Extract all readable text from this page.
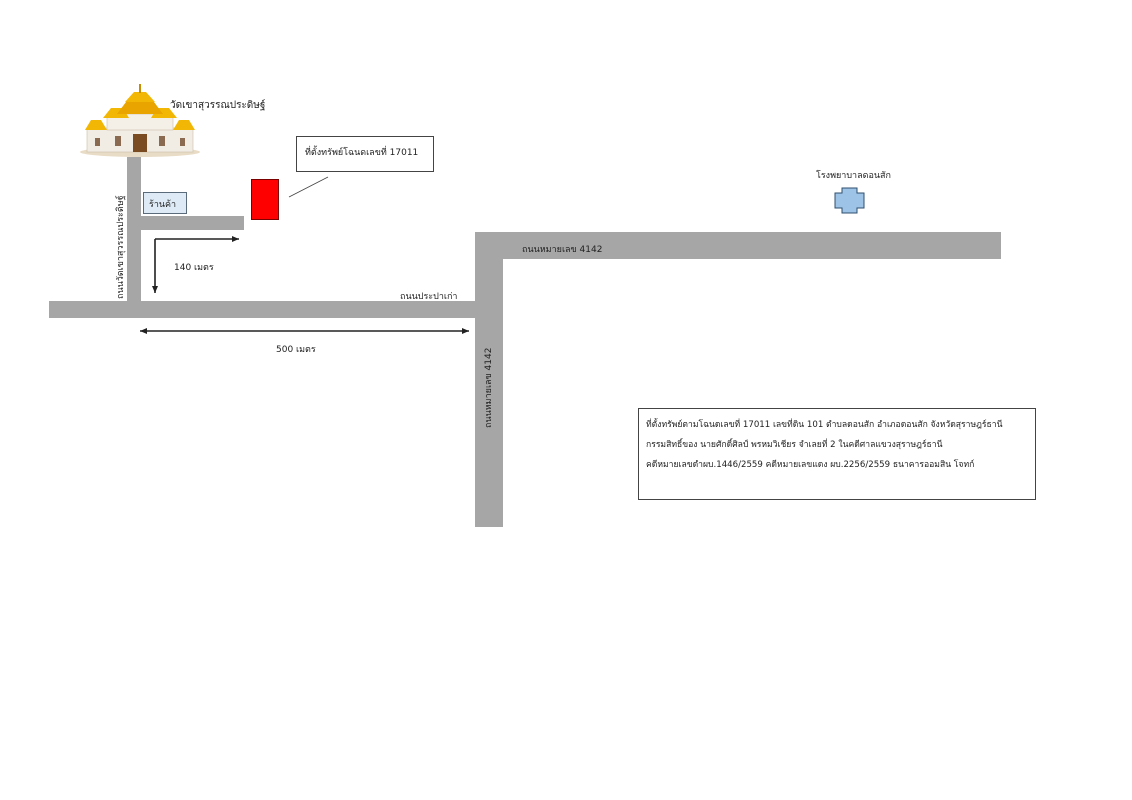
วัดเขาสุวรรณประดิษฐ์
ถนนวัดเขาสุวรรณประดิษฐ์	ร้านค้า
ที่ตั้งทรัพย์โฉนดเลขที่ 17011
โรงพยาบาลดอนสัก
ถนนหมายเลข 4142
ถนนประปาเก่า
ถนนหมายเลข 4142
140 เมตร
500 เมตร
ที่ตั้งทรัพย์ตามโฉนดเลขที่ 17011 เลขที่ดิน 101 ตำบลดอนสัก อำเภอดอนสัก จังหวัดสุราษฎร์ธานี
กรรมสิทธิ์ของ นายศักดิ์ศิลป์ พรหมวิเชียร จำเลยที่ 2 ในคดีศาลแขวงสุราษฎร์ธานี
คดีหมายเลขดำผบ.1446/2559 คดีหมายเลขแดง ผบ.2256/2559 ธนาคารออมสิน โจทก์
